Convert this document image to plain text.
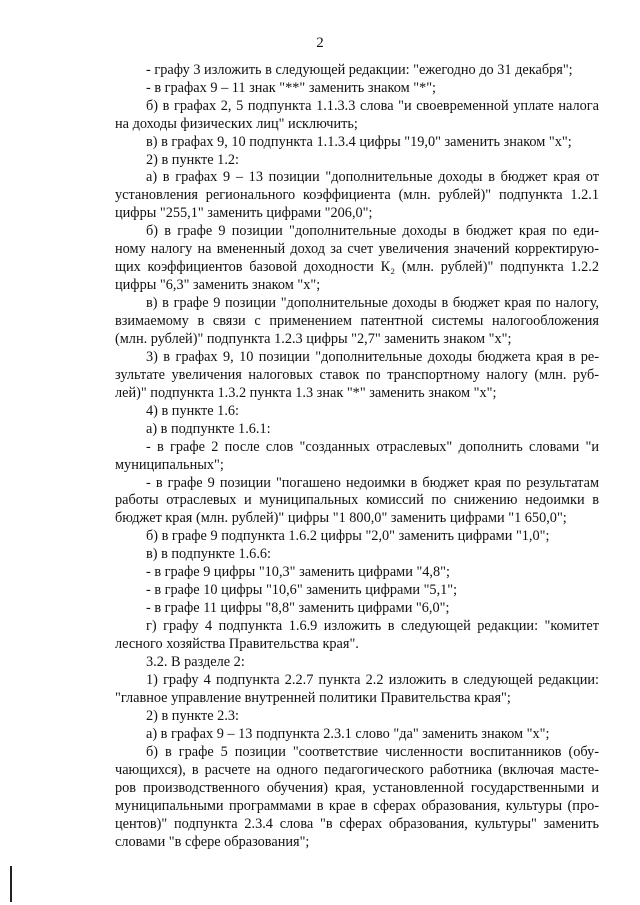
2
- графу 3 изложить в следующей редакции: "ежегодно до 31 декабря";
- в графах 9 – 11 знак "**" заменить знаком "*";
б) в графах 2, 5 подпункта 1.1.3.3 слова "и своевременной уплате налога
на доходы физических лиц" исключить;
в) в графах 9, 10 подпункта 1.1.3.4 цифры "19,0" заменить знаком "х";
2) в пункте 1.2:
а) в графах 9 – 13 позиции "дополнительные доходы в бюджет края от
установления регионального коэффициента (млн. рублей)" подпункта 1.2.1
цифры "255,1" заменить цифрами "206,0";
б) в графе 9 позиции "дополнительные доходы в бюджет края по еди-
ному налогу на вмененный доход за счет увеличения значений корректирую-
щих коэффициентов базовой доходности К₂ (млн. рублей)" подпункта 1.2.2
цифры "6,3" заменить знаком "х";
в) в графе 9 позиции "дополнительные доходы в бюджет края по налогу,
взимаемому в связи с применением патентной системы налогообложения
(млн. рублей)" подпункта 1.2.3 цифры "2,7" заменить знаком "х";
3) в графах 9, 10 позиции "дополнительные доходы бюджета края в ре-
зультате увеличения налоговых ставок по транспортному налогу (млн. руб-
лей)" подпункта 1.3.2 пункта 1.3 знак "*" заменить знаком "х";
4) в пункте 1.6:
а) в подпункте 1.6.1:
- в графе 2 после слов "созданных отраслевых" дополнить словами "и
муниципальных";
- в графе 9 позиции "погашено недоимки в бюджет края по результатам
работы отраслевых и муниципальных комиссий по снижению недоимки в
бюджет края (млн. рублей)" цифры "1 800,0" заменить цифрами "1 650,0";
б) в графе 9 подпункта 1.6.2 цифры "2,0" заменить цифрами "1,0";
в) в подпункте 1.6.6:
- в графе 9 цифры "10,3" заменить цифрами "4,8";
- в графе 10 цифры "10,6" заменить цифрами "5,1";
- в графе 11 цифры "8,8" заменить цифрами "6,0";
г) графу 4 подпункта 1.6.9 изложить в следующей редакции: "комитет
лесного хозяйства Правительства края".
3.2. В разделе 2:
1) графу 4 подпункта 2.2.7 пункта 2.2 изложить в следующей редакции:
"главное управление внутренней политики Правительства края";
2) в пункте 2.3:
а) в графах 9 – 13 подпункта 2.3.1 слово "да" заменить знаком "х";
б) в графе 5 позиции "соответствие численности воспитанников (обу-
чающихся), в расчете на одного педагогического работника (включая масте-
ров производственного обучения) края, установленной государственными и
муниципальными программами в крае в сферах образования, культуры (про-
центов)" подпункта 2.3.4 слова "в сферах образования, культуры" заменить
словами "в сфере образования";
